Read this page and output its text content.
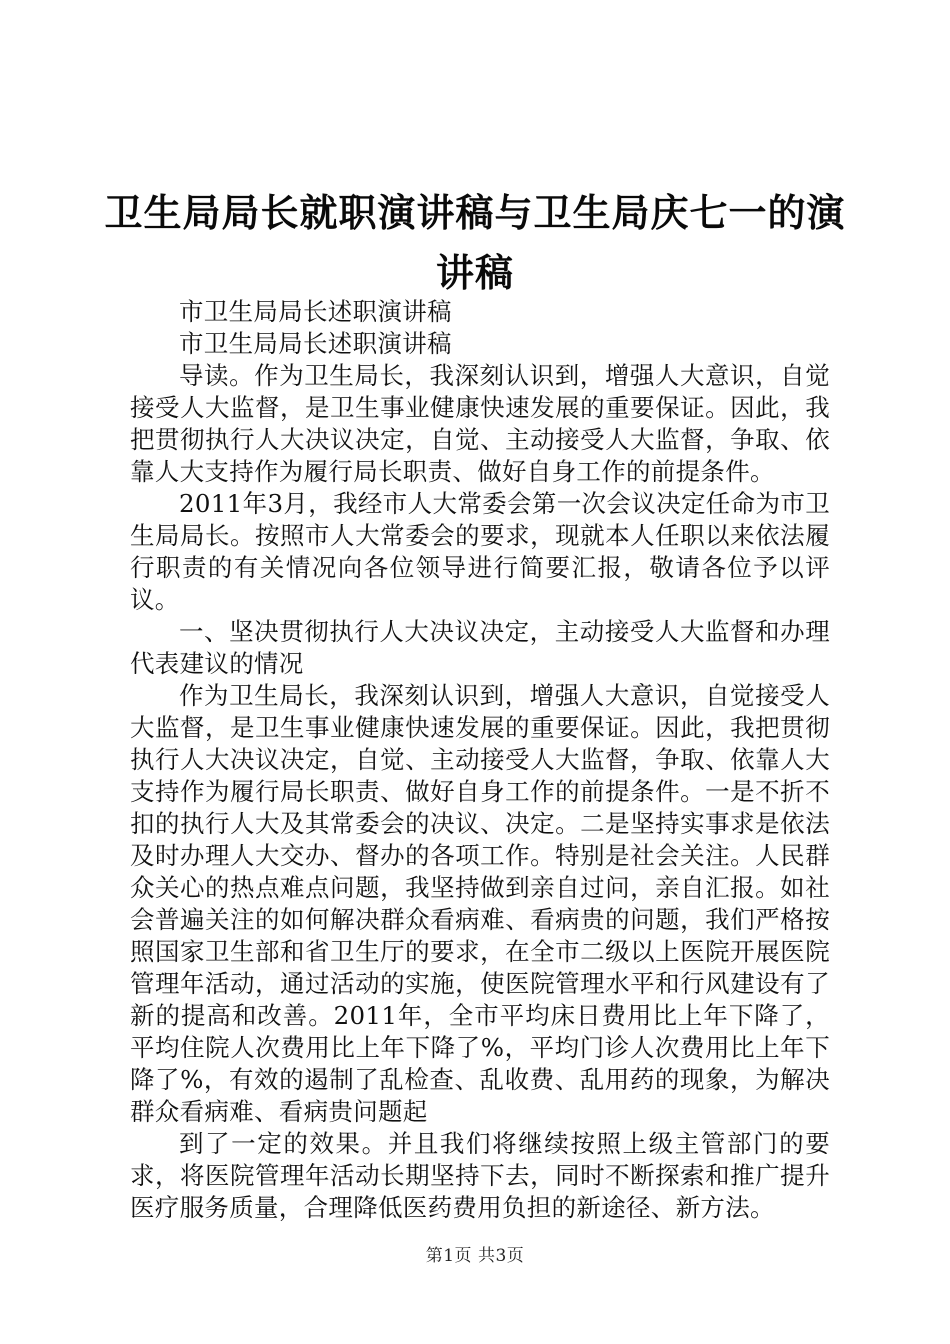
卫生局局长就职演讲稿与卫生局庆七一的演讲稿

市卫生局局长述职演讲稿

市卫生局局长述职演讲稿

导读。作为卫生局长，我深刻认识到，增强人大意识，自觉接受人大监督，是卫生事业健康快速发展的重要保证。因此，我把贯彻执行人大决议决定，自觉、主动接受人大监督，争取、依靠人大支持作为履行局长职责、做好自身工作的前提条件。

2011年3月，我经市人大常委会第一次会议决定任命为市卫生局局长。按照市人大常委会的要求，现就本人任职以来依法履行职责的有关情况向各位领导进行简要汇报，敬请各位予以评议。

一、坚决贯彻执行人大决议决定，主动接受人大监督和办理代表建议的情况

作为卫生局长，我深刻认识到，增强人大意识，自觉接受人大监督，是卫生事业健康快速发展的重要保证。因此，我把贯彻执行人大决议决定，自觉、主动接受人大监督，争取、依靠人大支持作为履行局长职责、做好自身工作的前提条件。一是不折不扣的执行人大及其常委会的决议、决定。二是坚持实事求是依法及时办理人大交办、督办的各项工作。特别是社会关注。人民群众关心的热点难点问题，我坚持做到亲自过问，亲自汇报。如社会普遍关注的如何解决群众看病难、看病贵的问题，我们严格按照国家卫生部和省卫生厅的要求，在全市二级以上医院开展医院管理年活动，通过活动的实施，使医院管理水平和行风建设有了新的提高和改善。2011年，全市平均床日费用比上年下降了，平均住院人次费用比上年下降了%，平均门诊人次费用比上年下降了%，有效的遏制了乱检查、乱收费、乱用药的现象，为解决群众看病难、看病贵问题起

到了一定的效果。并且我们将继续按照上级主管部门的要求，将医院管理年活动长期坚持下去，同时不断探索和推广提升医疗服务质量，合理降低医药费用负担的新途径、新方法。

第1页 共3页
